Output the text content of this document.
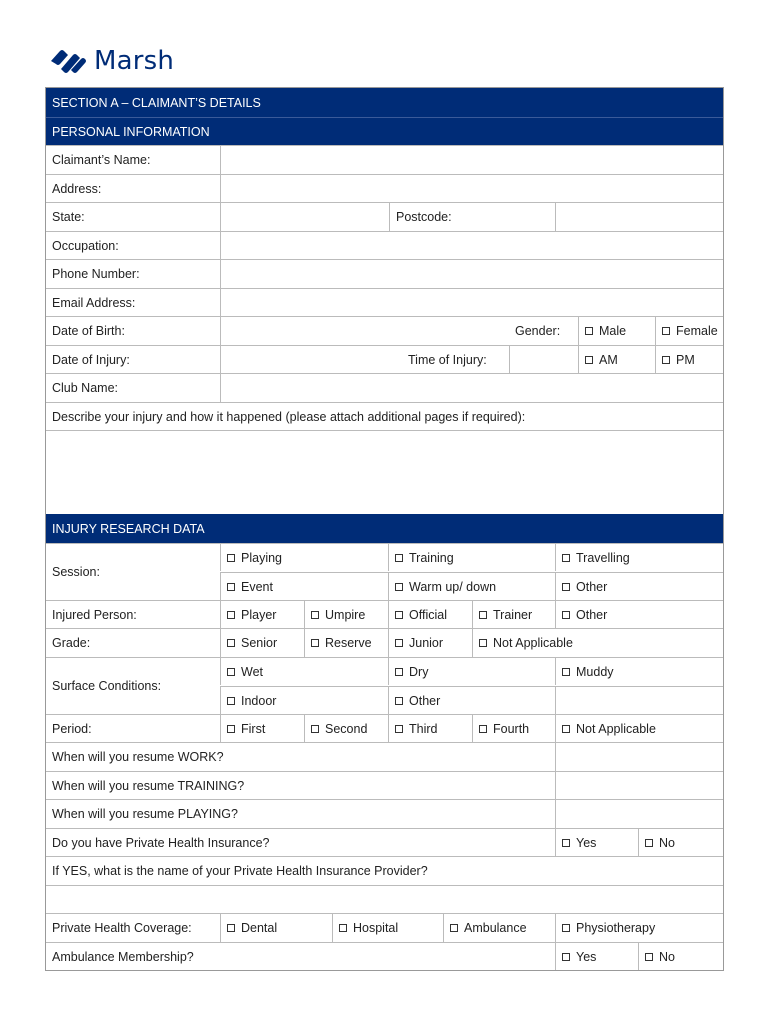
Marsh
SECTION A – CLAIMANT’S DETAILS
PERSONAL INFORMATION
Claimant’s Name:
Address:
State:	Postcode:
Occupation:
Phone Number:
Email Address:
Date of Birth:	Gender:	Male	Female
Date of Injury:	Time of Injury:	AM	PM
Club Name:
Describe your injury and how it happened (please attach additional pages if required):
INJURY RESEARCH DATA
Session:
Playing	Training	Travelling
Event	Warm up/ down	Other
Injured Person:	Player	Umpire	Official	Trainer	Other
Grade:	Senior	Reserve	Junior	Not Applicable
Surface Conditions:
Wet	Dry	Muddy
Indoor	Other
Period:	First	Second	Third	Fourth	Not Applicable
When will you resume WORK?
When will you resume TRAINING?
When will you resume PLAYING?
Do you have Private Health Insurance?	Yes	No
If YES, what is the name of your Private Health Insurance Provider?
Private Health Coverage:	Dental	Hospital	Ambulance	Physiotherapy
Ambulance Membership?	Yes	No
